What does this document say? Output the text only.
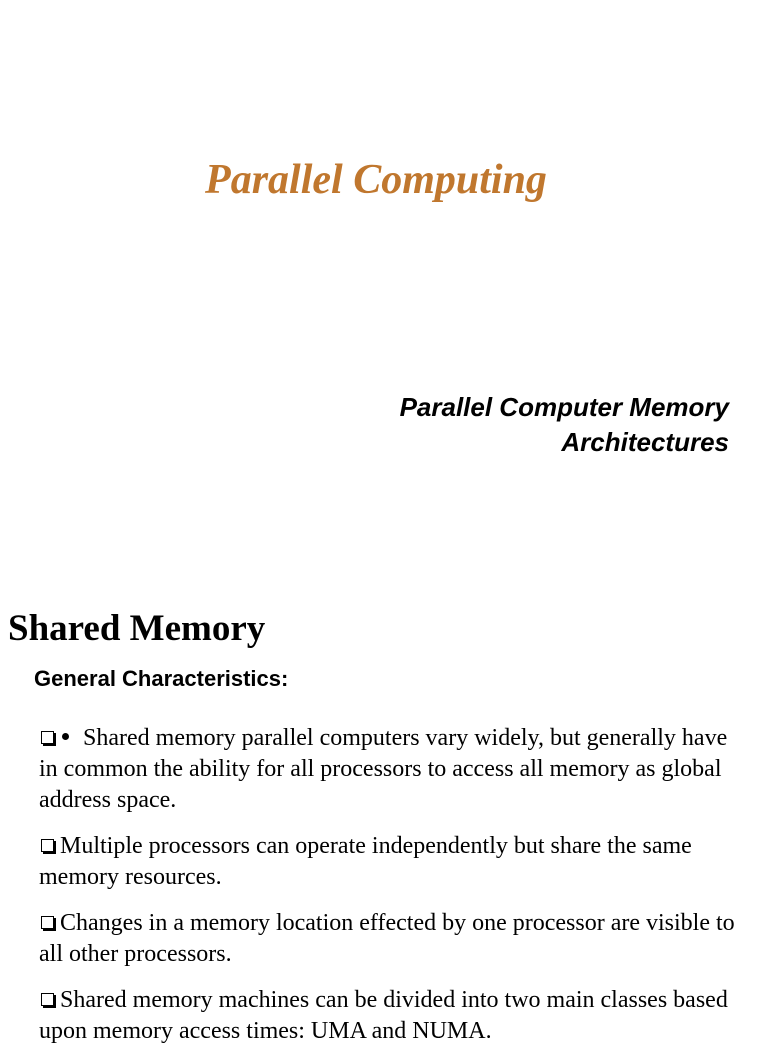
Parallel Computing
Parallel Computer Memory
Architectures
Shared Memory
General Characteristics:
Shared memory parallel computers vary widely, but generally have in common the ability for all processors to access all memory as global address space.
Multiple processors can operate independently but share the same memory resources.
Changes in a memory location effected by one processor are visible to all other processors.
Shared memory machines can be divided into two main classes based upon memory access times: UMA and NUMA.
